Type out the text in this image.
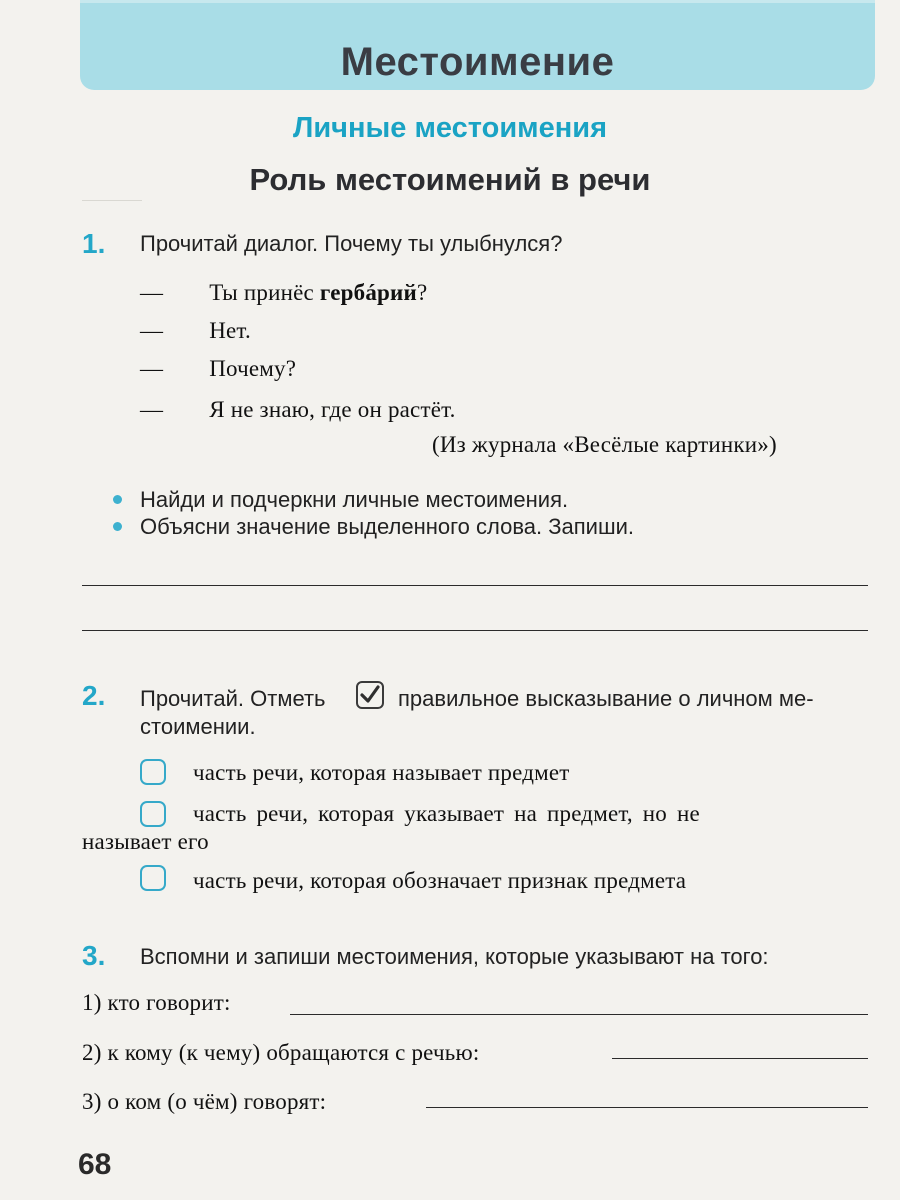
Местоимение
Личные местоимения
Роль местоимений в речи
1. Прочитай диалог. Почему ты улыбнулся?
— Ты принёс гербáрий?
— Нет.
— Почему?
— Я не знаю, где он растёт.
(Из журнала «Весёлые картинки»)
Найди и подчеркни личные местоимения.
Объясни значение выделенного слова. Запиши.
2. Прочитай. Отметь	правильное высказывание о личном ме-
стоимении.
часть речи, которая называет предмет
часть речи, которая указывает на предмет, но не
называет его
часть речи, которая обозначает признак предмета
3. Вспомни и запиши местоимения, которые указывают на того:
1) кто говорит:
2) к кому (к чему) обращаются с речью:
3) о ком (о чём) говорят:
68
